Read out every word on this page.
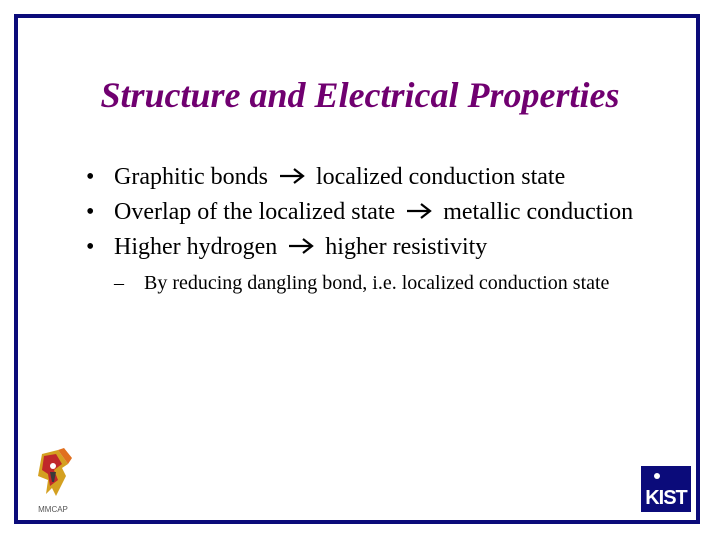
Structure and Electrical Properties
• Graphitic bonds  localized conduction state
• Overlap of the localized state  metallic conduction
• Higher hydrogen  higher resistivity
– By reducing dangling bond, i.e. localized conduction state
MMCAP
KIST
